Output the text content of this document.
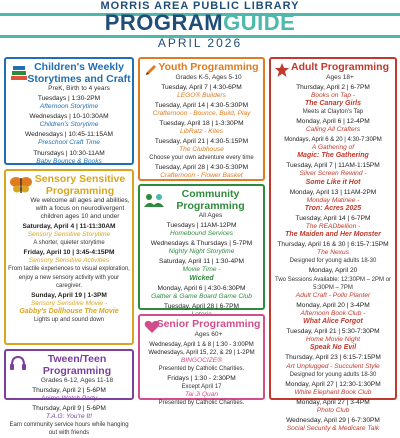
MORRIS AREA PUBLIC LIBRARY
PROGRAMGUIDE
APRIL 2026
Children's Weekly Storytimes and Craft
PreK, Birth to 4 years
Tuesdays | 1:30-2PM
Afternoon Storytime
Wednesdays | 10-10:30AM
Children's Storytime
Wednesdays | 10:45-11:15AM
Preschool Craft Time
Thursdays | 10:30-11AM
Baby Bounce & Books
Youth Programming
Grades K-5, Ages 5-10
Tuesday, April 7 | 4:30-6PM
LEGO® Builders
Tuesday, April 14 | 4:30-5:30PM
Crafternoon - Bounce, Build, Play
Tuesday, April 18 | 1-3:30PM
LibRatz - Kites
Tuesday, April 21 | 4:30-5:15PM
The Clubhouse
Choose your own adventure every time
Tuesday, April 28 | 4:30-5:30PM
Crafternoon - Flower Basket
Adult Programming
Ages 18+
Thursday, April 2 | 6-7PM
Books on Tap -
The Canary Girls
Meets at Clayton's Tap
Monday, April 6 | 12-4PM
Calling All Crafters
Mondays, April 6 & 20 | 4:30-7:30PM
A Gathering of
Magic: The Gathering
Tuesday, April 7 | 11AM-1:15PM
Silver Screen Rewind -
Some Like it Hot
Monday, April 13 | 11AM-2PM
Monday Matinee -
Tron: Acres 2025
Tuesday, April 14 | 6-7PM
The READbellion -
The Maiden and Her Monster
Thursday, April 16 & 30 | 6:15-7:15PM
The Nexus
Designed for young adults 18-30
Monday, April 20
Two Sessions Available: 12:30PM – 2PM or 5:30PM – 7PM
Adult Craft - Pollo Planter
Monday, April 20 | 3-4PM
Afternoon Book Club -
What Alice Forgot
Tuesday, April 21 | 5:30-7:30PM
Home Movie Night
Speak No Evil
Thursday, April 23 | 6:15-7:15PM
Art Unplugged - Succulent Style
Designed for young adults 18-30
Monday, April 27 | 12:30-1:30PM
White Elephant Book Club
Monday, April 27 | 3-4PM
Photo Club
Wednesday, April 29 | 6-7:30PM
Social Security & Medicare Talk
Sensory Sensitive Programming
We welcome all ages and abilities, with a focus on neurodivergent children ages 10 and under
Saturday, April 4 | 11-11:30AM
Sensory Sensitive Storytime
A shorter, quieter storytime
Friday, April 10 | 3:45-4:15PM
Sensory Sensitive Activities
From tactile experiences to visual exploration, enjoy a new sensory activity with your caregiver.
Sunday, April 19 | 1-3PM
Sensory Sensitive Movie -
Gabby's Dollhouse The Movie
Lights up and sound down
Community Programming
All Ages
Tuesdays | 11AM-12PM
Homebound Services
Wednesdays & Thursdays | 5-7PM
Nighty Night Storytime
Saturday, April 11 | 1:30-4PM
Movie Time -
Wicked
Monday, April 6 | 4:30-6:30PM
Gather & Game Board Game Club
Tuesday, April 28 | 6-7PM
Tween/Teen Programming
Grades 6-12, Ages 11-18
Thursday, April 2 | 5-6PM
Anime Watch Party
Thursday, April 9 | 5-6PM
T.A.G: You're It!
Earn community service hours while hanging out with friends
Senior Programming
Ages 60+
Wednesday, April 1 & 8 | 1:30 - 3:00PM
Wednesdays, April 15, 22, & 29 | 1-2PM
BINGOCIZE®
Presented by Catholic Charities.
Fridays | 1:30 - 2:30PM
Except April 17
Tai Ji Quan
Presented by Catholic Charities.
